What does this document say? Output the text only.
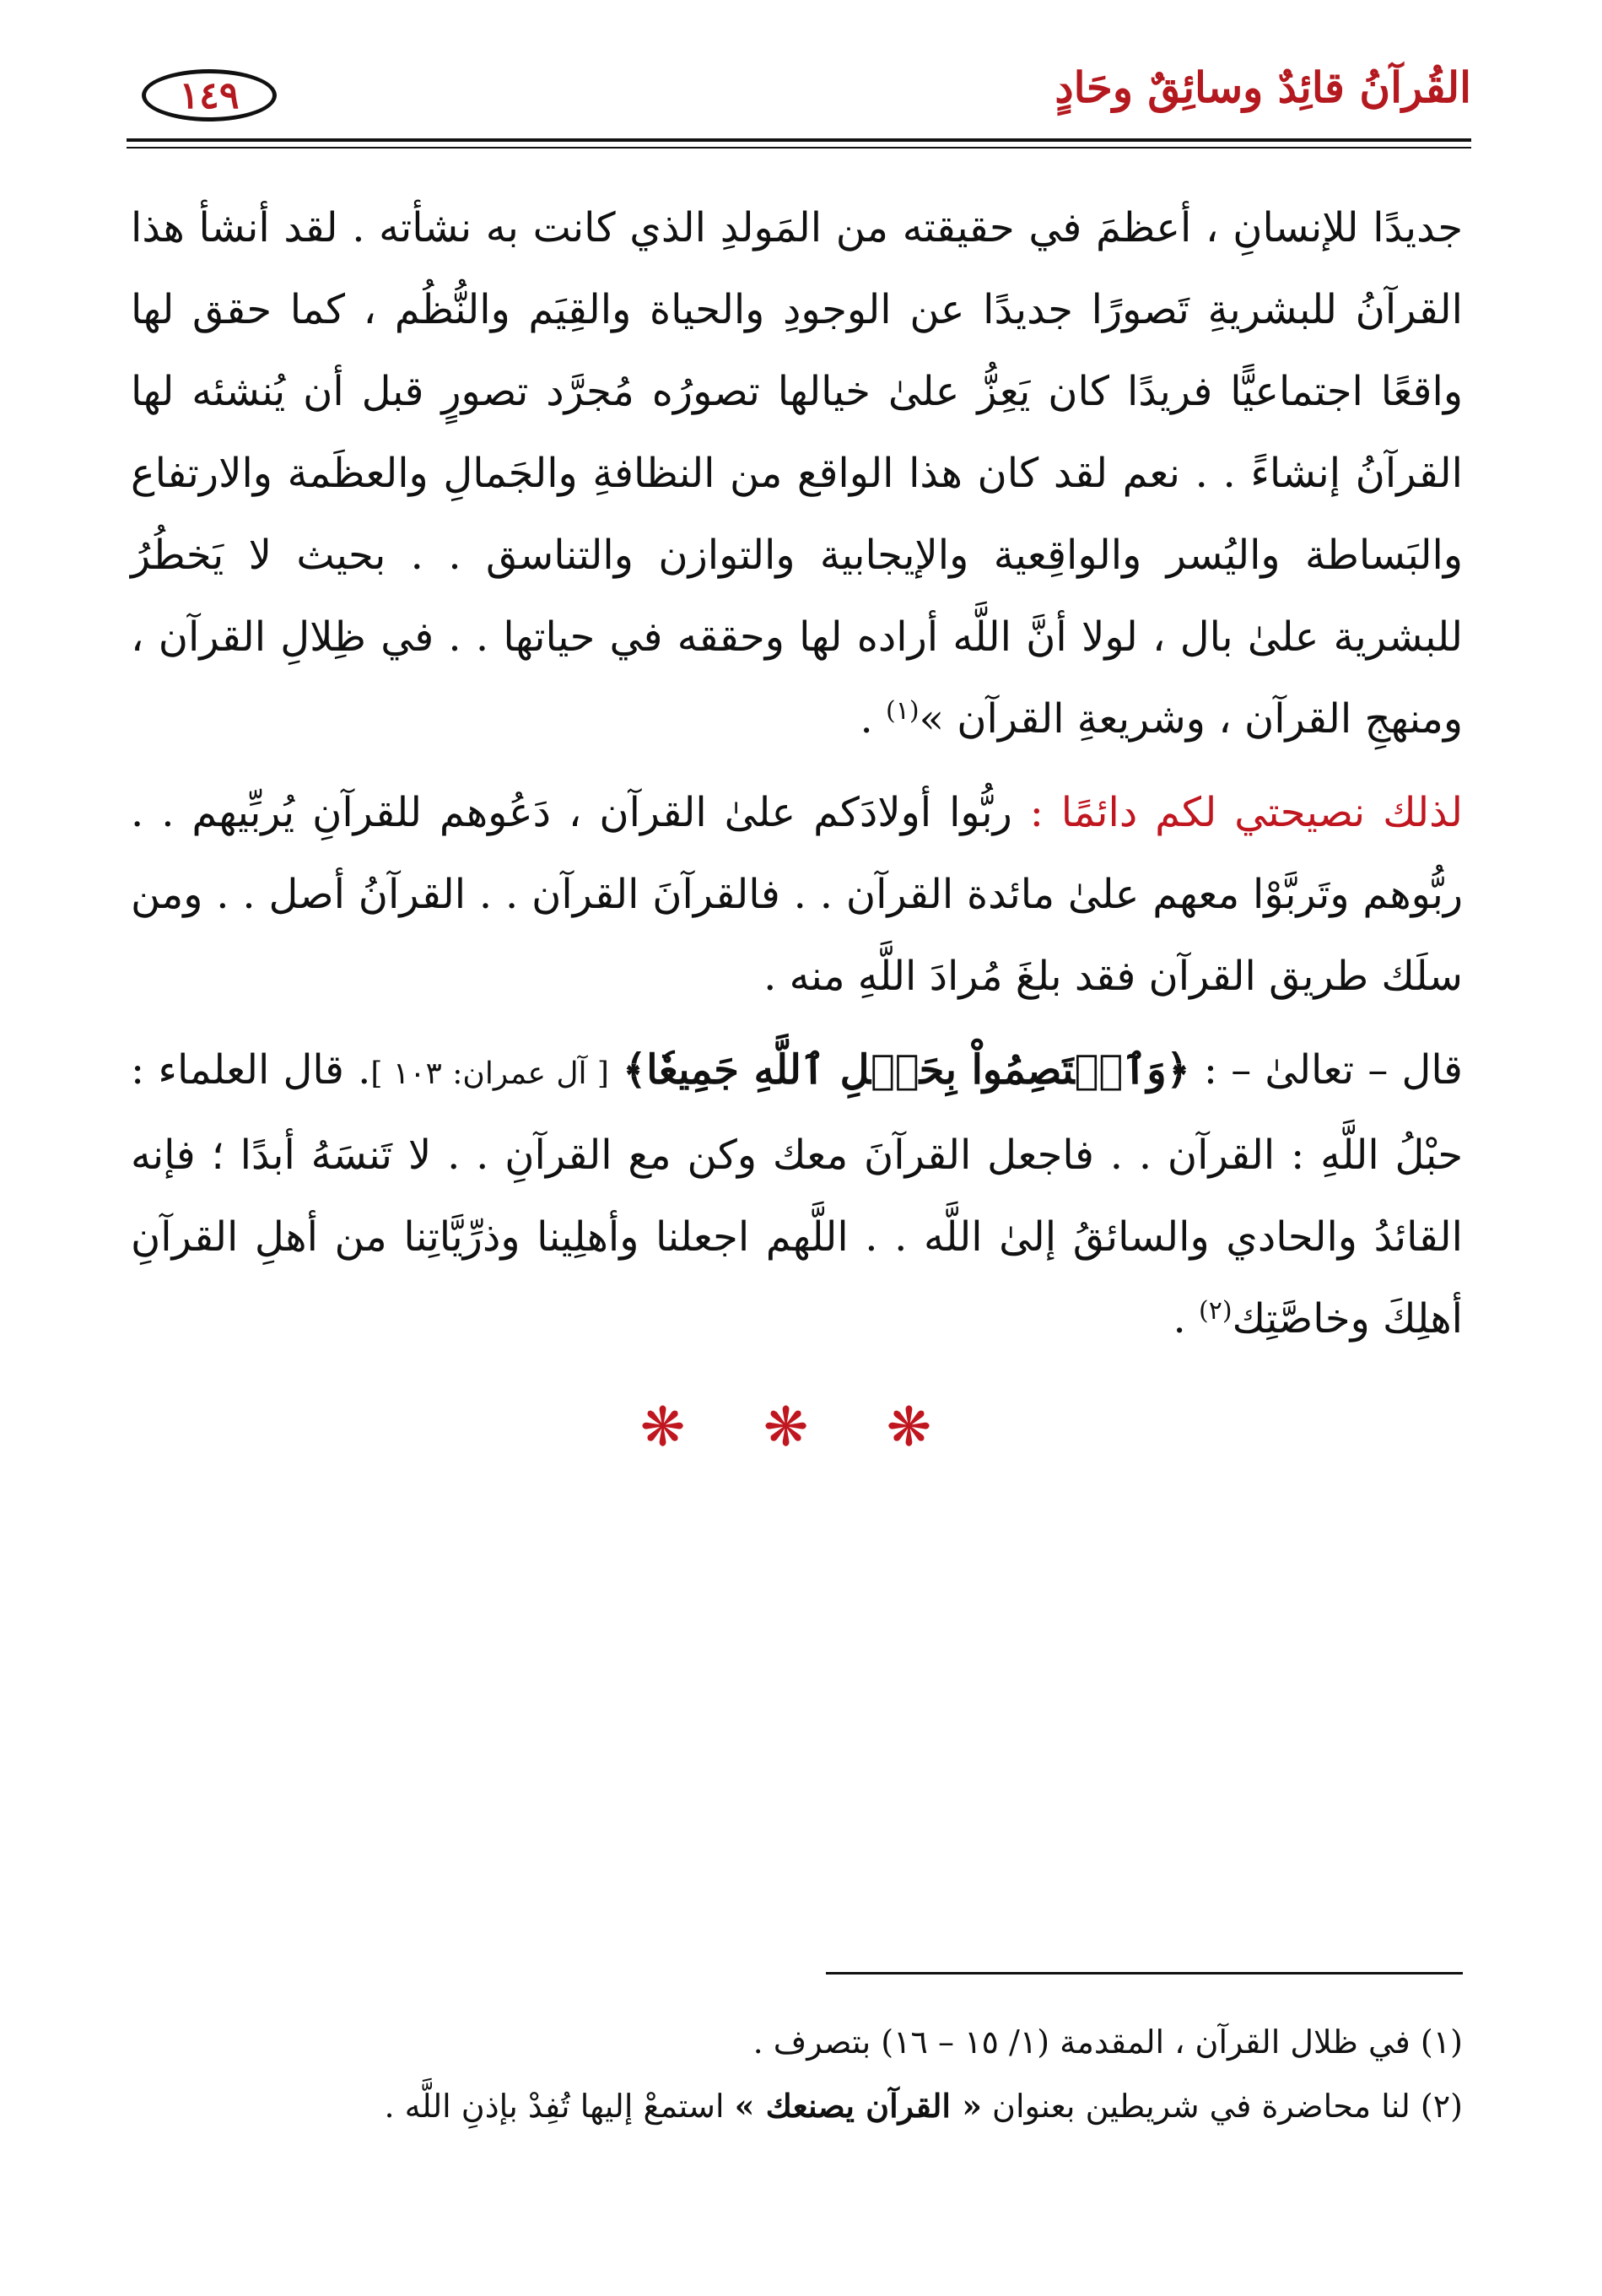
القُرآنُ قائِدٌ وسائِقٌ وحَادٍ
١٤٩

جديدًا للإنسانِ ، أعظمَ في حقيقته من المَولدِ الذي كانت به نشأته . لقد أنشأ هذا القرآنُ للبشريةِ تَصورًا جديدًا عن الوجودِ والحياة والقِيَم والنُّظُم ، كما حقق لها واقعًا اجتماعيًّا فريدًا كان يَعِزُّ علىٰ خيالها تصورُه مُجرَّد تصورٍ قبل أن يُنشئه لها القرآنُ إنشاءً . . نعم لقد كان هذا الواقع من النظافةِ والجَمالِ والعظَمة والارتفاع والبَساطة واليُسر والواقِعية والإيجابية والتوازن والتناسق . . بحيث لا يَخطُرُ للبشرية علىٰ بال ، لولا أنَّ اللَّه أراده لها وحققه في حياتها . . في ظِلالِ القرآن ، ومنهجِ القرآن ، وشريعةِ القرآن »$^{(١)}$ .

لذلك نصيحتي لكم دائمًا : ربُّوا أولادَكم علىٰ القرآن ، دَعُوهم للقرآنِ يُربِّيهم . . ربُّوهم وتَربَّوْا معهم علىٰ مائدة القرآن . . فالقرآنَ القرآن . . القرآنُ أصل . . ومن سلَك طريق القرآن فقد بلغَ مُرادَ اللَّهِ منه .

قال – تعالىٰ – : ﴿وَٱعۡتَصِمُواْ بِحَبۡلِ ٱللَّهِ جَمِيعٗا﴾ [ آل عمران: ١٠٣ ]. قال العلماء : حبْلُ اللَّهِ : القرآن . . فاجعل القرآنَ معك وكن مع القرآنِ . . لا تَنسَهُ أبدًا ؛ فإنه القائدُ والحادي والسائقُ إلىٰ اللَّه . . اللَّهم اجعلنا وأهلِينا وذرِّيَّاتِنا من أهلِ القرآنِ أهلِكَ وخاصَّتِك$^{(٢)}$ .

❋ ❋ ❋

(١) في ظلال القرآن ، المقدمة (١/ ١٥ – ١٦) بتصرف .

(٢) لنا محاضرة في شريطين بعنوان « القرآن يصنعك » استمعْ إليها تُفِدْ بإذنِ اللَّه .
